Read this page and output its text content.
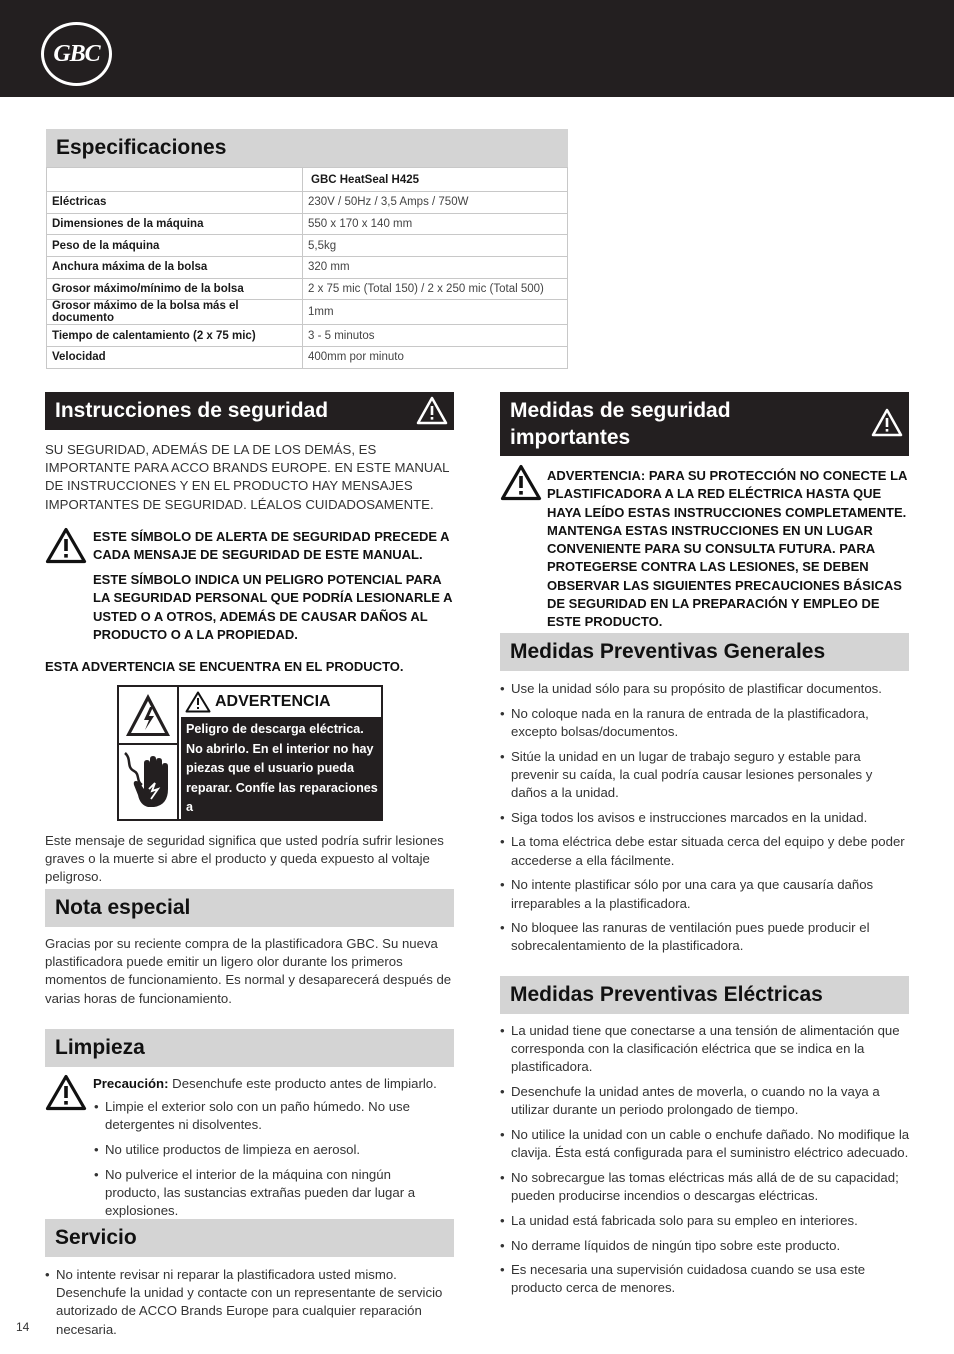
GBC
Especificaciones
	GBC HeatSeal H425
Eléctricas	230V / 50Hz / 3,5 Amps / 750W
Dimensiones de la máquina	550 x 170 x 140 mm
Peso de la máquina	5,5kg
Anchura máxima de la bolsa	320 mm
Grosor máximo/mínimo de la bolsa	2 x 75 mic (Total 150) / 2 x 250 mic (Total 500)
Grosor máximo de la bolsa más el documento	1mm
Tiempo de calentamiento (2 x 75 mic)	3 - 5 minutos
Velocidad	400mm por minuto
Instrucciones de seguridad
SU SEGURIDAD, ADEMÁS DE LA DE LOS DEMÁS, ES IMPORTANTE PARA ACCO BRANDS EUROPE. EN ESTE MANUAL DE INSTRUCCIONES Y EN EL PRODUCTO HAY MENSAJES IMPORTANTES DE SEGURIDAD. LÉALOS CUIDADOSAMENTE.
ESTE SÍMBOLO DE ALERTA DE SEGURIDAD PRECEDE A CADA MENSAJE DE SEGURIDAD DE ESTE MANUAL.
ESTE SÍMBOLO INDICA UN PELIGRO POTENCIAL PARA LA SEGURIDAD PERSONAL QUE PODRÍA LESIONARLE A USTED O A OTROS, ADEMÁS DE CAUSAR DAÑOS AL PRODUCTO O A LA PROPIEDAD.
ESTA ADVERTENCIA SE ENCUENTRA EN EL PRODUCTO.
ADVERTENCIA
Peligro de descarga eléctrica.
No abrirlo. En el interior no hay
piezas que el usuario pueda
reparar. Confíe las reparaciones a
personal de servicio cualificado.
Este mensaje de seguridad significa que usted podría sufrir lesiones graves o la muerte si abre el producto y queda expuesto al voltaje peligroso.
Nota especial
Gracias por su reciente compra de la plastificadora GBC. Su nueva plastificadora puede emitir un ligero olor durante los primeros momentos de funcionamiento. Es normal y desaparecerá después de varias horas de funcionamiento.
Limpieza
Precaución: Desenchufe este producto antes de limpiarlo.
• Limpie el exterior solo con un paño húmedo. No use detergentes ni disolventes.
• No utilice productos de limpieza en aerosol.
• No pulverice el interior de la máquina con ningún producto, las sustancias extrañas pueden dar lugar a explosiones.
Servicio
• No intente revisar ni reparar la plastificadora usted mismo. Desenchufe la unidad y contacte con un representante de servicio autorizado de ACCO Brands Europe para cualquier reparación necesaria.
Medidas de seguridad
importantes
ADVERTENCIA: PARA SU PROTECCIÓN NO CONECTE LA PLASTIFICADORA A LA RED ELÉCTRICA HASTA QUE HAYA LEÍDO ESTAS INSTRUCCIONES COMPLETAMENTE. MANTENGA ESTAS INSTRUCCIONES EN UN LUGAR CONVENIENTE PARA SU CONSULTA FUTURA. PARA PROTEGERSE CONTRA LAS LESIONES, SE DEBEN OBSERVAR LAS SIGUIENTES PRECAUCIONES BÁSICAS DE SEGURIDAD EN LA PREPARACIÓN Y EMPLEO DE ESTE PRODUCTO.
Medidas Preventivas Generales
• Use la unidad sólo para su propósito de plastificar documentos.
• No coloque nada en la ranura de entrada de la plastificadora, excepto bolsas/documentos.
• Sitúe la unidad en un lugar de trabajo seguro y estable para prevenir su caída, la cual podría causar lesiones personales y daños a la unidad.
• Siga todos los avisos e instrucciones marcados en la unidad.
• La toma eléctrica debe estar situada cerca del equipo y debe poder accederse a ella fácilmente.
• No intente plastificar sólo por una cara ya que causaría daños irreparables a la plastificadora.
• No bloquee las ranuras de ventilación pues puede producir el sobrecalentamiento de la plastificadora.
Medidas Preventivas Eléctricas
• La unidad tiene que conectarse a una tensión de alimentación que corresponda con la clasificación eléctrica que se indica en la plastificadora.
• Desenchufe la unidad antes de moverla, o cuando no la vaya a utilizar durante un periodo prolongado de tiempo.
• No utilice la unidad con un cable o enchufe dañado. No modifique la clavija. Ésta está configurada para el suministro eléctrico adecuado.
• No sobrecargue las tomas eléctricas más allá de de su capacidad; pueden producirse incendios o descargas eléctricas.
• La unidad está fabricada solo para su empleo en interiores.
• No derrame líquidos de ningún tipo sobre este producto.
• Es necesaria una supervisión cuidadosa cuando se usa este producto cerca de menores.
14
